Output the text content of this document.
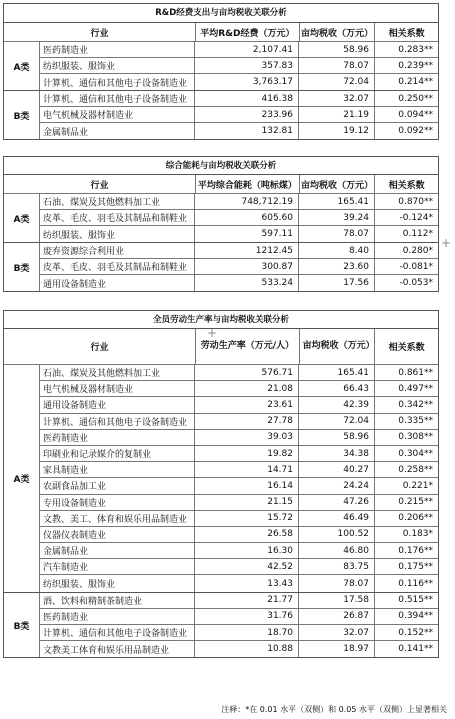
R&D经费支出与亩均税收关联分析
行业	平均R&D经费（万元） 亩均税收（万元）	相关系数
A类
医药制造业	2,107.41	58.96	0.283**
纺织服装、服饰业	357.83	78.07	0.239**
计算机、通信和其他电子设备制造业	3,763.17	72.04	0.214**
B类
计算机、通信和其他电子设备制造业	416.38	32.07	0.250**
电气机械及器材制造业	233.96	21.19	0.094**
金属制品业	132.81	19.12	0.092**
综合能耗与亩均税收关联分析
行业	平均综合能耗（吨标煤） 亩均税收（万元）	相关系数
A类
石油、煤炭及其他燃料加工业	748,712.19	165.41	0.870**
皮革、毛皮、羽毛及其制品和制鞋业	605.60	39.24	-0.124*
纺织服装、服饰业	597.11	78.07	0.112*
B类
废弃资源综合利用业	1212.45	8.40	0.280*
皮革、毛皮、羽毛及其制品和制鞋业	300.87	23.60	-0.081*
通用设备制造业	533.24	17.56	-0.053*
全员劳动生产率与亩均税收关联分析
行业	劳动生产率（万元/人） 亩均税收（万元）	相关系数
A类
石油、煤炭及其他燃料加工业	576.71	165.41	0.861**
电气机械及器材制造业	21.08	66.43	0.497**
通用设备制造业	23.61	42.39	0.342**
计算机、通信和其他电子设备制造业	27.78	72.04	0.335**
医药制造业	39.03	58.96	0.308**
印刷业和记录媒介的复制业	19.82	34.38	0.304**
家具制造业	14.71	40.27	0.258**
农副食品加工业	16.14	24.24	0.221*
专用设备制造业	21.15	47.26	0.215**
文教、美工、体育和娱乐用品制造业	15.72	46.49	0.206**
仪器仪表制造业	26.58	100.52	0.183*
金属制品业	16.30	46.80	0.176**
汽车制造业	42.52	83.75	0.175**
纺织服装、服饰业	13.43	78.07	0.116**
B类
酒、饮料和精制茶制造业	21.77	17.58	0.515**
医药制造业	31.76	26.87	0.394**
计算机、通信和其他电子设备制造业	18.70	32.07	0.152**
文教美工体育和娱乐用品制造业	10.88	18.97	0.141**
+
+
注释：*在 0.01 水平（双侧）和 0.05 水平（双侧）上显著相关
